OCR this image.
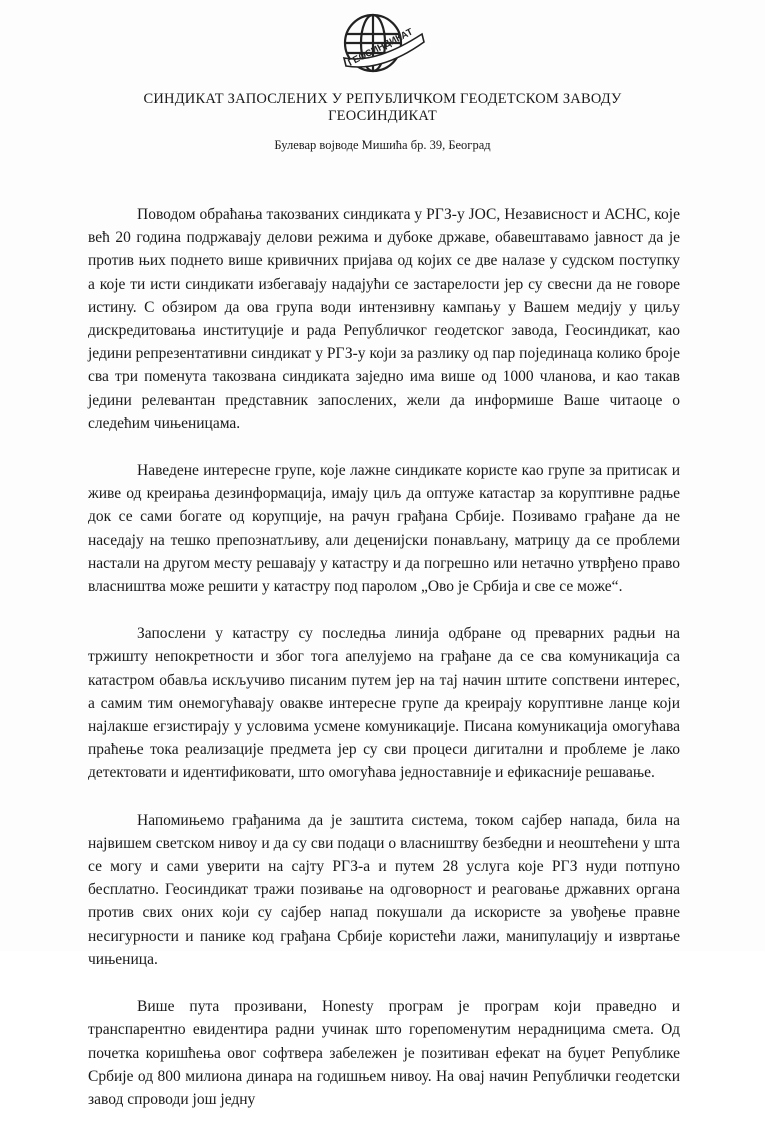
ГЕОСИНДИКАТ
СИНДИКАТ ЗАПОСЛЕНИХ У РЕПУБЛИЧКОМ ГЕОДЕТСКОМ ЗАВОДУ
ГЕОСИНДИКАТ
Булевар војводе Мишића бр. 39, Београд

Поводом обраћања такозваних синдиката у РГЗ-у ЈОС, Независност и АСНС, које већ 20 година подржавају делови режима и дубоке државе, обавештавамо јавност да је против њих поднето више кривичних пријава од којих се две налазе у судском поступку а које ти исти синдикати избегавају надајући се застарелости јер су свесни да не говоре истину. С обзиром да ова група води интензивну кампању у Вашем медију у циљу дискредитовања институције и рада Републичког геодетског завода, Геосиндикат, као једини репрезентативни синдикат у РГЗ-у који за разлику од пар појединаца колико броје сва три поменута такозвана синдиката заједно има више од 1000 чланова, и као такав једини релевантан представник запослених, жели да информише Ваше читаоце о следећим чињеницама.

Наведене интересне групе, које лажне синдикате користе као групе за притисак и живе од креирања дезинформација, имају циљ да оптуже катастар за коруптивне радње док се сами богате од корупције, на рачун грађана Србије. Позивамо грађане да не наседају на тешко препознатљиву, али деценијски понављану, матрицу да се проблеми настали на другом месту решавају у катастру и да погрешно или нетачно утврђено право власништва може решити у катастру под паролом „Ово је Србија и све се може“.

Запослени у катастру су последња линија одбране од преварних радњи на тржишту непокретности и због тога апелујемо на грађане да се сва комуникација са катастром обавља искључиво писаним путем јер на тај начин штите сопствени интерес, а самим тим онемогућавају овакве интересне групе да креирају коруптивне ланце који најлакше егзистирају у условима усмене комуникације. Писана комуникација омогућава праћење тока реализације предмета јер су сви процеси дигитални и проблеме је лако детектовати и идентификовати, што омогућава једноставније и ефикасније решавање.

Напомињемо грађанима да је заштита система, током сајбер напада, била на највишем светском нивоу и да су сви подаци о власништву безбедни и неоштећени у шта се могу и сами уверити на сајту РГЗ-а и путем 28 услуга које РГЗ нуди потпуно бесплатно. Геосиндикат тражи позивање на одговорност и реаговање државних органа против свих оних који су сајбер напад покушали да искористе за увођење правне несигурности и панике код грађана Србије користећи лажи, манипулацију и извртање чињеница.

Више пута прозивани, Honesty програм је програм који праведно и транспарентно евидентира радни учинак што горепоменутим нерадницима смета. Од почетка коришћења овог софтвера забележен је позитиван ефекат на буџет Републике Србије од 800 милиона динара на годишњем нивоу. На овај начин Републички геодетски завод спроводи још једну
